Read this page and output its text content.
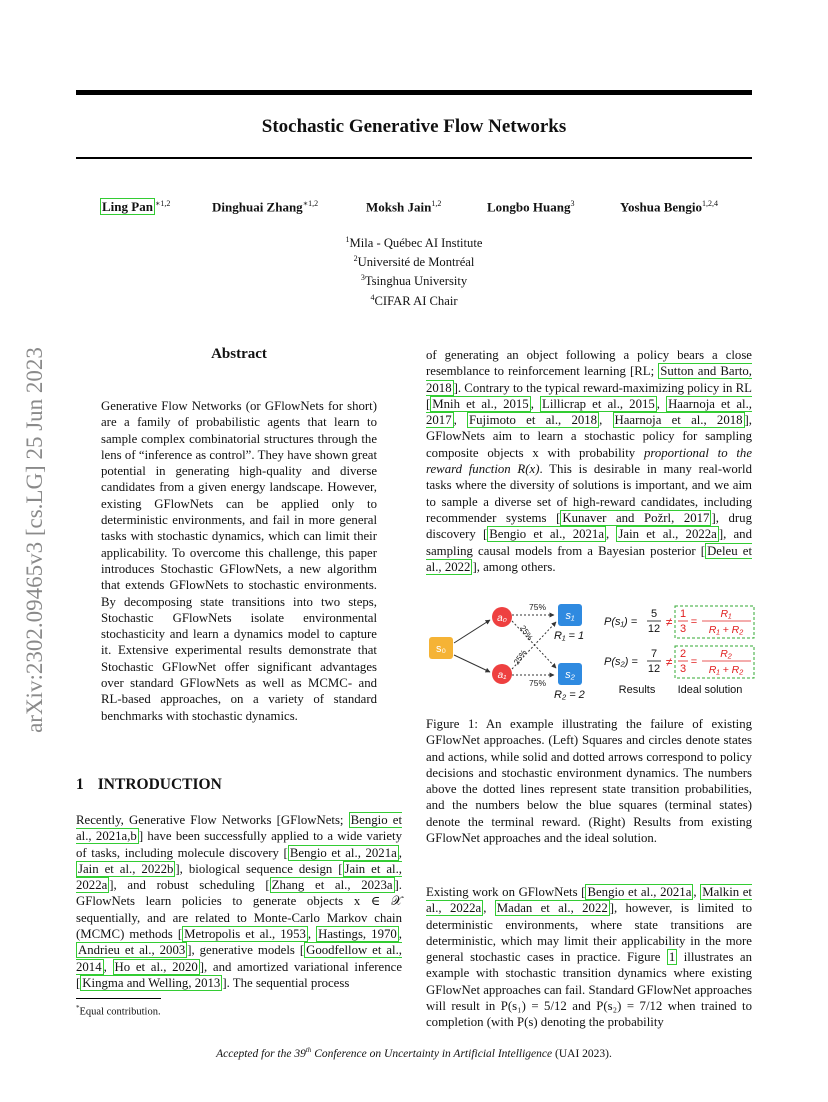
arXiv:2302.09465v3 [cs.LG] 25 Jun 2023
Stochastic Generative Flow Networks
Ling Pan $^{∗1,2}$	Dinghuai Zhang$^{∗1,2}$	Moksh Jain$^{1,2}$	Longbo Huang$^3$	Yoshua Bengio$^{1,2,4}$
$^1$Mila - Québec AI Institute
$^2$Université de Montréal
$^3$Tsinghua University
$^4$CIFAR AI Chair
Abstract
Generative Flow Networks (or GFlowNets for short) are a family of probabilistic agents that learn to sample complex combinatorial structures through the lens of “inference as control”. They have shown great potential in generating high-quality and diverse candidates from a given energy landscape. However, existing GFlowNets can be applied only to deterministic environments, and fail in more general tasks with stochastic dynamics, which can limit their applicability. To overcome this challenge, this paper introduces Stochastic GFlowNets, a new algorithm that extends GFlowNets to stochastic environments. By decomposing state transitions into two steps, Stochastic GFlowNets isolate environmental stochasticity and learn a dynamics model to capture it. Extensive experimental results demonstrate that Stochastic GFlowNet offer significant advantages over standard GFlowNets as well as MCMC- and RL-based approaches, on a variety of standard benchmarks with stochastic dynamics.
of generating an object following a policy bears a close resemblance to reinforcement learning [RL; Sutton and Barto, 2018 ]. Contrary to the typical reward-maximizing policy in RL [ Mnih et al., 2015 , Lillicrap et al., 2015 , Haarnoja et al., 2017 , Fujimoto et al., 2018 , Haarnoja et al., 2018 ], GFlowNets aim to learn a stochastic policy for sampling composite objects x with probability proportional to the reward function R(x). This is desirable in many real-world tasks where the diversity of solutions is important, and we aim to sample a diverse set of high-reward candidates, including recommender systems [ Kunaver and Požrl, 2017 ], drug discovery [ Bengio et al., 2021a , Jain et al., 2022a ], and sampling causal models from a Bayesian posterior [ Deleu et al., 2022 ], among others.
s₀
a₀
a₁
s₁
s₂
75%
75%
25%
25%
R₁ = 1
R₂ = 2
P(s₁) =
5
12 ≠
1
3
=
R₁
R₁ + R₂
P(s₂) =
7
12 ≠
2
3
=
R₂
R₁ + R₂
Results Ideal solution
Figure 1: An example illustrating the failure of existing GFlowNet approaches. (Left) Squares and circles denote states and actions, while solid and dotted arrows correspond to policy decisions and stochastic environment dynamics. The numbers above the dotted lines represent state transition probabilities, and the numbers below the blue squares (terminal states) denote the terminal reward. (Right) Results from existing GFlowNet approaches and the ideal solution.
1 INTRODUCTION
Recently, Generative Flow Networks [GFlowNets; Bengio et al., 2021a,b ] have been successfully applied to a wide variety of tasks, including molecule discovery [ Bengio et al., 2021a , Jain et al., 2022b ], biological sequence design [ Jain et al., 2022a ], and robust scheduling [ Zhang et al., 2023a ]. GFlowNets learn policies to generate objects x ∈ 𝒳 sequentially, and are related to Monte-Carlo Markov chain (MCMC) methods [ Metropolis et al., 1953 , Hastings, 1970 , Andrieu et al., 2003 ], generative models [ Goodfellow et al., 2014 , Ho et al., 2020 ], and amortized variational inference [ Kingma and Welling, 2013 ]. The sequential process
Existing work on GFlowNets [ Bengio et al., 2021a , Malkin et al., 2022a , Madan et al., 2022 ], however, is limited to deterministic environments, where state transitions are deterministic, which may limit their applicability in the more general stochastic cases in practice. Figure 1 illustrates an example with stochastic transition dynamics where existing GFlowNet approaches can fail. Standard GFlowNet approaches will result in P(s₁) = 5/12 and P(s₂) = 7/12 when trained to completion (with P(s) denoting the probability
*Equal contribution.
Accepted for the 39th Conference on Uncertainty in Artificial Intelligence (UAI 2023).
